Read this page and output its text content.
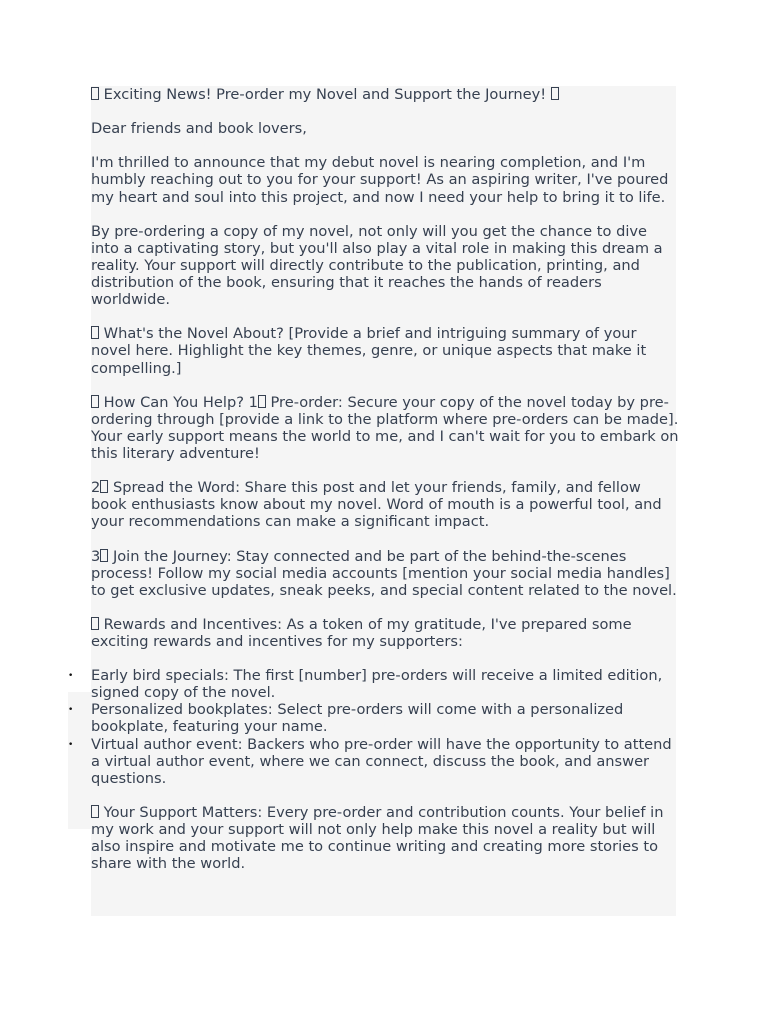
Exciting News! Pre-order my Novel and Support the Journey!

Dear friends and book lovers,

I'm thrilled to announce that my debut novel is nearing completion, and I'm humbly reaching out to you for your support! As an aspiring writer, I've poured my heart and soul into this project, and now I need your help to bring it to life.

By pre-ordering a copy of my novel, not only will you get the chance to dive into a captivating story, but you'll also play a vital role in making this dream a reality. Your support will directly contribute to the publication, printing, and distribution of the book, ensuring that it reaches the hands of readers worldwide.

What's the Novel About? [Provide a brief and intriguing summary of your novel here. Highlight the key themes, genre, or unique aspects that make it compelling.]

How Can You Help? 1 Pre-order: Secure your copy of the novel today by pre-ordering through [provide a link to the platform where pre-orders can be made]. Your early support means the world to me, and I can't wait for you to embark on this literary adventure!

2 Spread the Word: Share this post and let your friends, family, and fellow book enthusiasts know about my novel. Word of mouth is a powerful tool, and your recommendations can make a significant impact.

3 Join the Journey: Stay connected and be part of the behind-the-scenes process! Follow my social media accounts [mention your social media handles] to get exclusive updates, sneak peeks, and special content related to the novel.

Rewards and Incentives: As a token of my gratitude, I've prepared some exciting rewards and incentives for my supporters:

• Early bird specials: The first [number] pre-orders will receive a limited edition, signed copy of the novel.
• Personalized bookplates: Select pre-orders will come with a personalized bookplate, featuring your name.
• Virtual author event: Backers who pre-order will have the opportunity to attend a virtual author event, where we can connect, discuss the book, and answer questions.

Your Support Matters: Every pre-order and contribution counts. Your belief in my work and your support will not only help make this novel a reality but will also inspire and motivate me to continue writing and creating more stories to share with the world.
